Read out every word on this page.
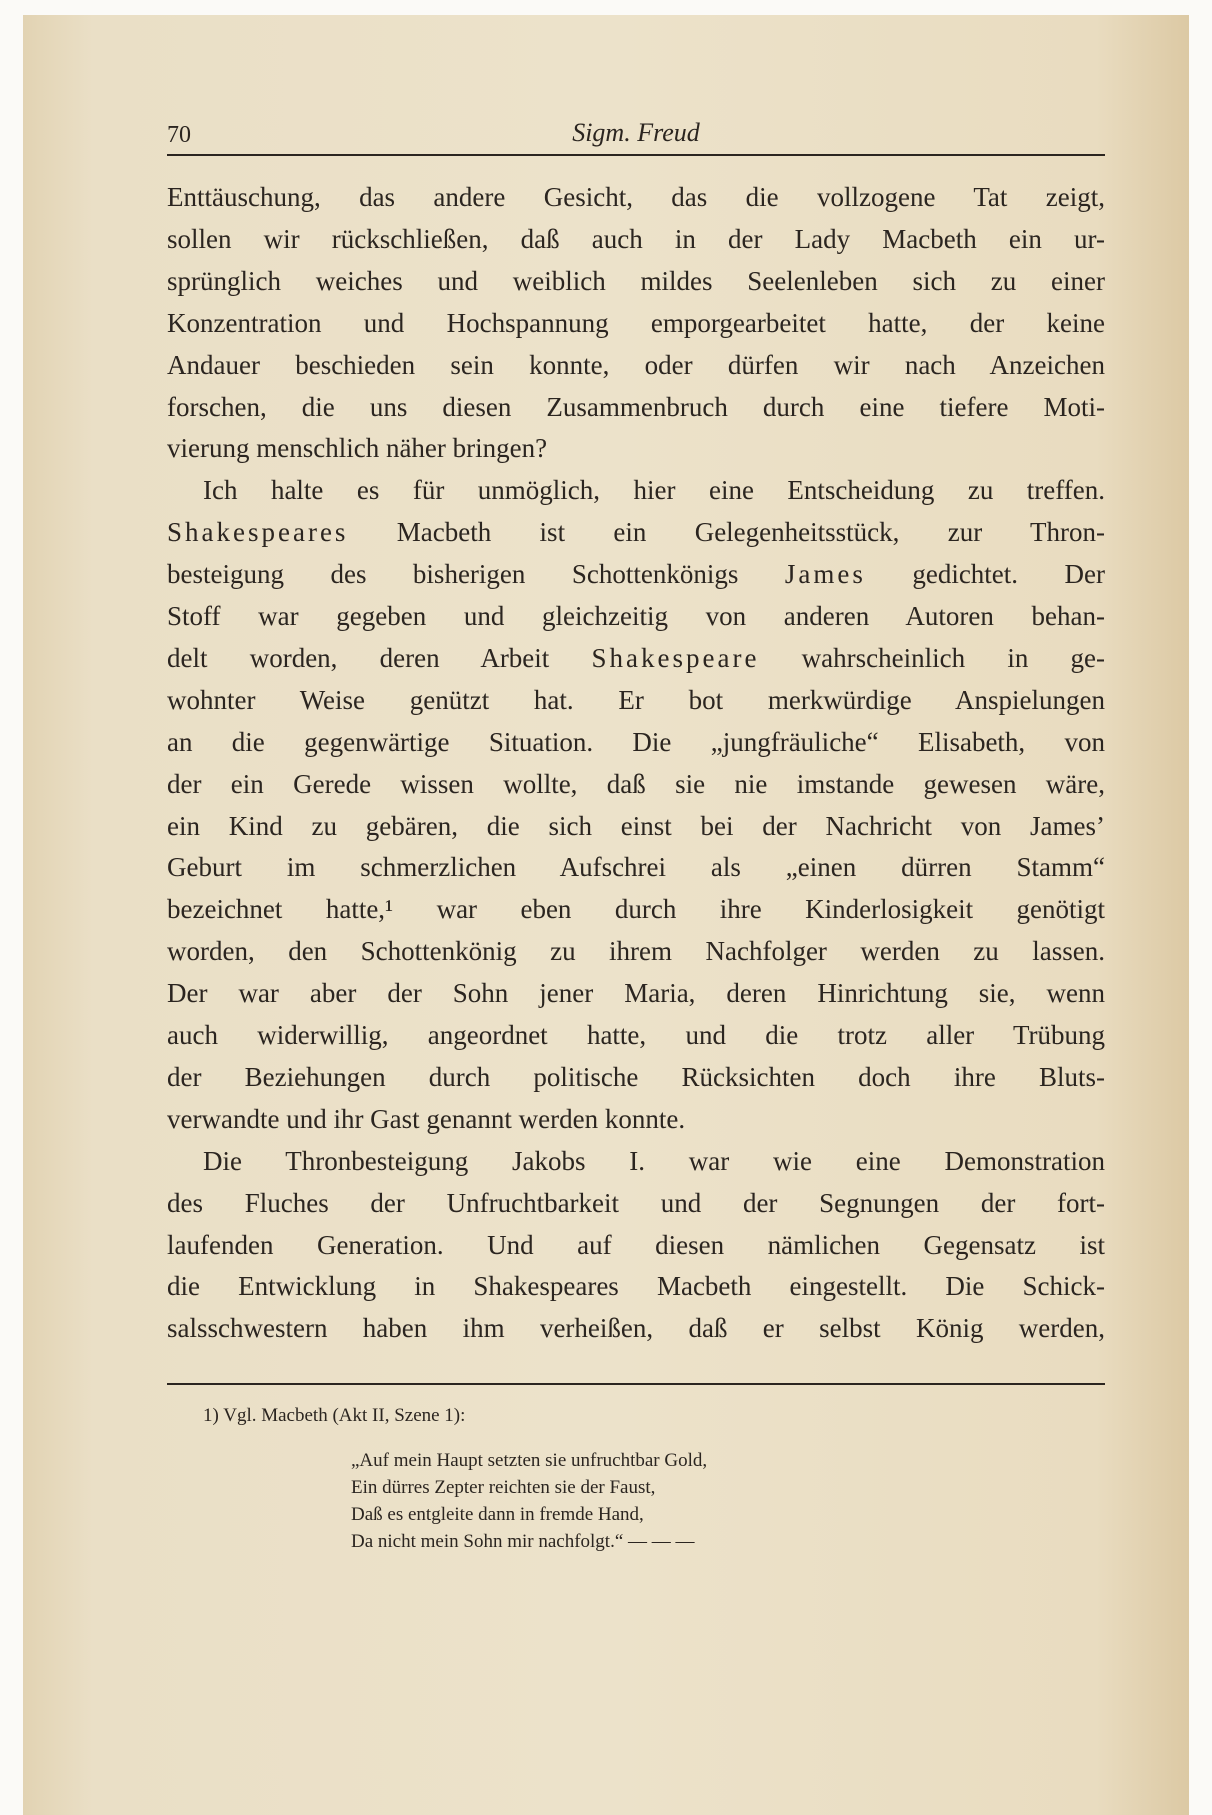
70	Sigm. Freud
Enttäuschung, das andere Gesicht, das die vollzogene Tat zeigt,
sollen wir rückschließen, daß auch in der Lady Macbeth ein ur-
sprünglich weiches und weiblich mildes Seelenleben sich zu einer
Konzentration und Hochspannung emporgearbeitet hatte, der keine
Andauer beschieden sein konnte, oder dürfen wir nach Anzeichen
forschen, die uns diesen Zusammenbruch durch eine tiefere Moti-
vierung menschlich näher bringen?
Ich halte es für unmöglich, hier eine Entscheidung zu treffen.
Shakespeares Macbeth ist ein Gelegenheitsstück, zur Thron-
besteigung des bisherigen Schottenkönigs James gedichtet. Der
Stoff war gegeben und gleichzeitig von anderen Autoren behan-
delt worden, deren Arbeit Shakespeare wahrscheinlich in ge-
wohnter Weise genützt hat. Er bot merkwürdige Anspielungen
an die gegenwärtige Situation. Die „jungfräuliche“ Elisabeth, von
der ein Gerede wissen wollte, daß sie nie imstande gewesen wäre,
ein Kind zu gebären, die sich einst bei der Nachricht von James’
Geburt im schmerzlichen Aufschrei als „einen dürren Stamm“
bezeichnet hatte,¹ war eben durch ihre Kinderlosigkeit genötigt
worden, den Schottenkönig zu ihrem Nachfolger werden zu lassen.
Der war aber der Sohn jener Maria, deren Hinrichtung sie, wenn
auch widerwillig, angeordnet hatte, und die trotz aller Trübung
der Beziehungen durch politische Rücksichten doch ihre Bluts-
verwandte und ihr Gast genannt werden konnte.
Die Thronbesteigung Jakobs I. war wie eine Demonstration
des Fluches der Unfruchtbarkeit und der Segnungen der fort-
laufenden Generation. Und auf diesen nämlichen Gegensatz ist
die Entwicklung in Shakespeares Macbeth eingestellt. Die Schick-
salsschwestern haben ihm verheißen, daß er selbst König werden,
1) Vgl. Macbeth (Akt II, Szene 1):
„Auf mein Haupt setzten sie unfruchtbar Gold,
Ein dürres Zepter reichten sie der Faust,
Daß es entgleite dann in fremde Hand,
Da nicht mein Sohn mir nachfolgt.“ — — —
